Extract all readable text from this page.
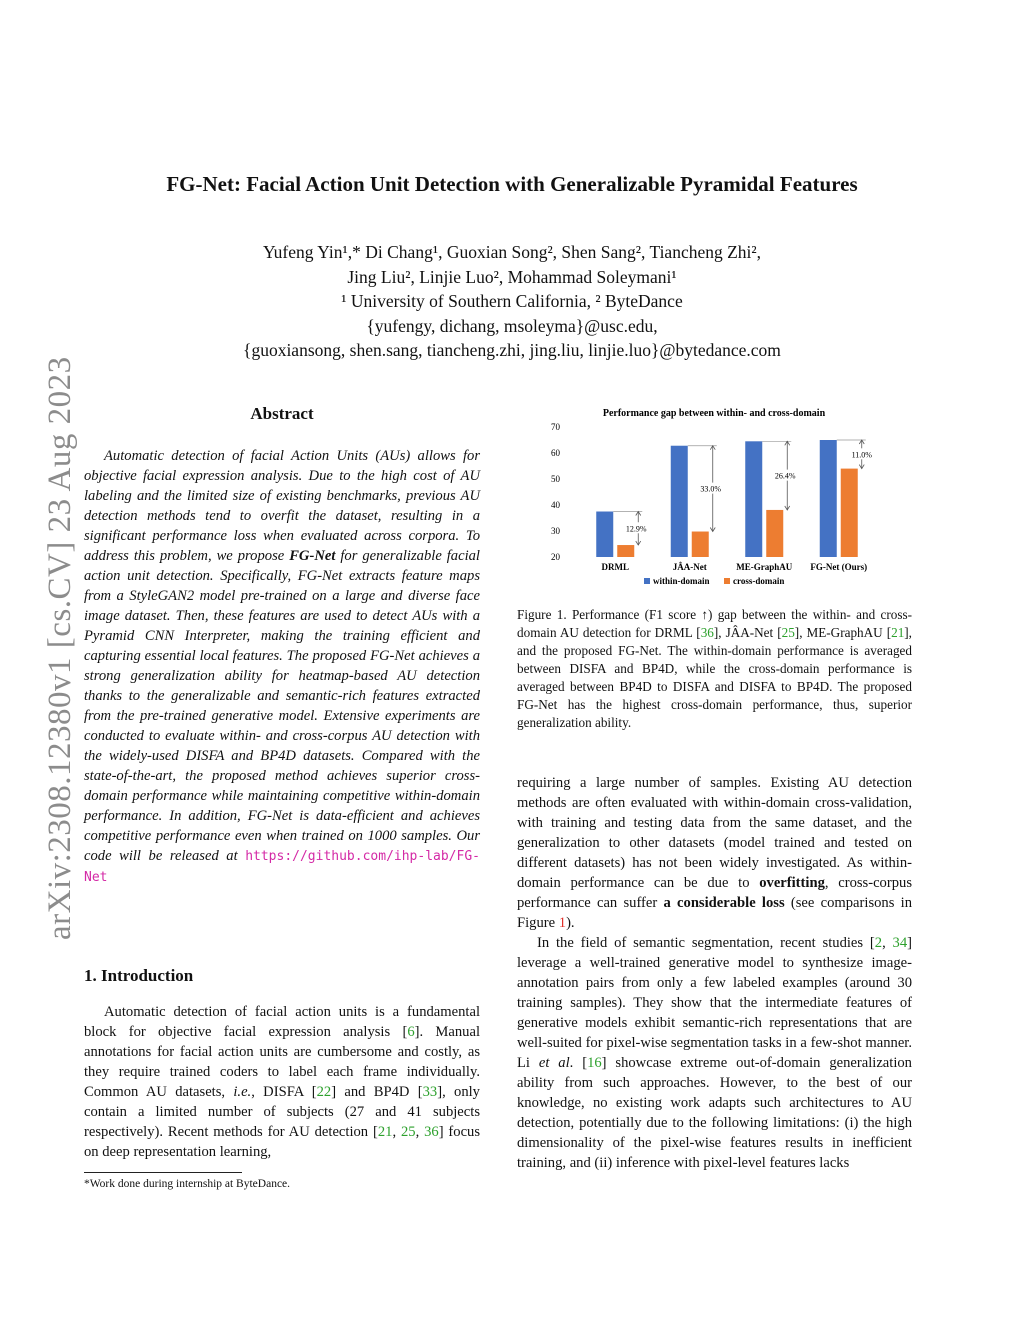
FG-Net: Facial Action Unit Detection with Generalizable Pyramidal Features
Yufeng Yin¹,* Di Chang¹, Guoxian Song², Shen Sang², Tiancheng Zhi²,
Jing Liu², Linjie Luo², Mohammad Soleymani¹
¹ University of Southern California, ² ByteDance
{yufengy, dichang, msoleyma}@usc.edu,
{guoxiansong, shen.sang, tiancheng.zhi, jing.liu, linjie.luo}@bytedance.com
arXiv:2308.12380v1 [cs.CV] 23 Aug 2023	Abstract
Automatic detection of facial Action Units (AUs) allows for objective facial expression analysis. Due to the high cost of AU labeling and the limited size of existing benchmarks, previous AU detection methods tend to overfit the dataset, resulting in a significant performance loss when evaluated across corpora. To address this problem, we propose FG-Net for generalizable facial action unit detection. Specifically, FG-Net extracts feature maps from a StyleGAN2 model pre-trained on a large and diverse face image dataset. Then, these features are used to detect AUs with a Pyramid CNN Interpreter, making the training efficient and capturing essential local features. The proposed FG-Net achieves a strong generalization ability for heatmap-based AU detection thanks to the generalizable and semantic-rich features extracted from the pre-trained generative model. Extensive experiments are conducted to evaluate within- and cross-corpus AU detection with the widely-used DISFA and BP4D datasets. Compared with the state-of-the-art, the proposed method achieves superior cross-domain performance while maintaining competitive within-domain performance. In addition, FG-Net is data-efficient and achieves competitive performance even when trained on 1000 samples. Our code will be released at https://github.com/ihp-lab/FG-Net
1. Introduction
Automatic detection of facial action units is a fundamental block for objective facial expression analysis [6]. Manual annotations for facial action units are cumbersome and costly, as they require trained coders to label each frame individually. Common AU datasets, i.e., DISFA [22] and BP4D [33], only contain a limited number of subjects (27 and 41 subjects respectively). Recent methods for AU detection [21, 25, 36] focus on deep representation learning,
*Work done during internship at ByteDance.
Performance gap between within- and cross-domain
20
30
40
50
60
70
12.9%
DRML
33.0%
JÂA-Net
26.4%
ME-GraphAU
11.0%
FG-Net (Ours)
within-domain	cross-domain
Figure 1. Performance (F1 score ↑) gap between the within- and cross-domain AU detection for DRML [36], JÂA-Net [25], ME-GraphAU [21], and the proposed FG-Net. The within-domain performance is averaged between DISFA and BP4D, while the cross-domain performance is averaged between BP4D to DISFA and DISFA to BP4D. The proposed FG-Net has the highest cross-domain performance, thus, superior generalization ability.
requiring a large number of samples. Existing AU detection methods are often evaluated with within-domain cross-validation, with training and testing data from the same dataset, and the generalization to other datasets (model trained and tested on different datasets) has not been widely investigated. As within-domain performance can be due to overfitting, cross-corpus performance can suffer a considerable loss (see comparisons in Figure 1).
In the field of semantic segmentation, recent studies [2, 34] leverage a well-trained generative model to synthesize image-annotation pairs from only a few labeled examples (around 30 training samples). They show that the intermediate features of generative models exhibit semantic-rich representations that are well-suited for pixel-wise segmentation tasks in a few-shot manner. Li et al. [16] showcase extreme out-of-domain generalization ability from such approaches. However, to the best of our knowledge, no existing work adapts such architectures to AU detection, potentially due to the following limitations: (i) the high dimensionality of the pixel-wise features results in inefficient training, and (ii) inference with pixel-level features lacks
